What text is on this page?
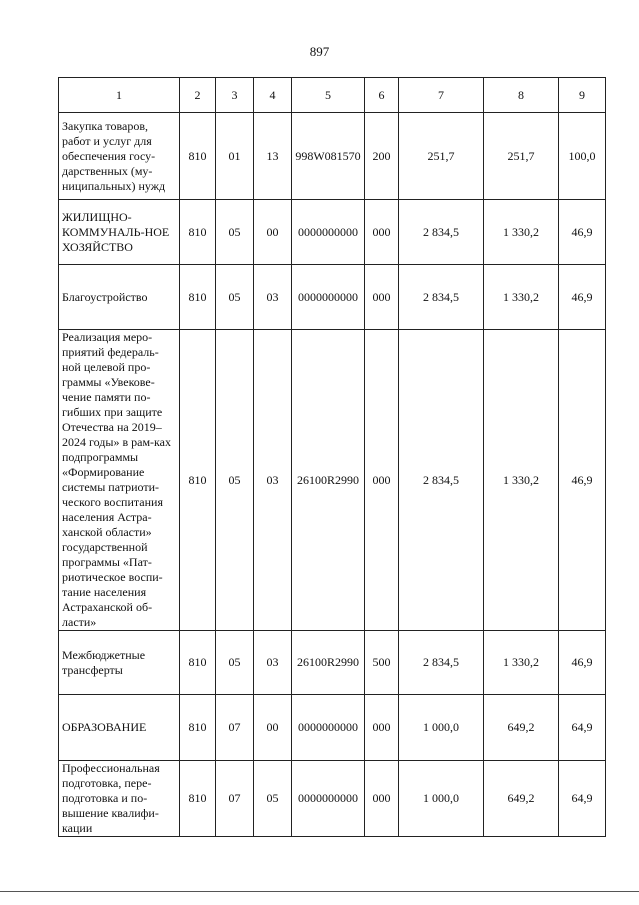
897
1	2	3	4	5	6	7	8	9
Закупка товаров, работ и услуг для обеспечения госу-дарственных (му-ниципальных) нужд	810	01	13	998W081570	200	251,7	251,7	100,0
ЖИЛИЩНО-КОММУНАЛЬ-НОЕ ХОЗЯЙСТВО	810	05	00	0000000000	000	2 834,5	1 330,2	46,9
Благоустройство	810	05	03	0000000000	000	2 834,5	1 330,2	46,9
Реализация меро-приятий федераль-ной целевой про-граммы «Увекове-чение памяти по-гибших при защите Отечества на 2019–2024 годы» в рам-ках подпрограммы «Формирование системы патриоти-ческого воспитания населения Астра-ханской области» государственной программы «Пат-риотическое воспи-тание населения Астраханской об-ласти»	810	05	03	26100R2990	000	2 834,5	1 330,2	46,9
Межбюджетные трансферты	810	05	03	26100R2990	500	2 834,5	1 330,2	46,9
ОБРАЗОВАНИЕ	810	07	00	0000000000	000	1 000,0	649,2	64,9
Профессиональная подготовка, пере-подготовка и по-вышение квалифи-кации	810	07	05	0000000000	000	1 000,0	649,2	64,9
